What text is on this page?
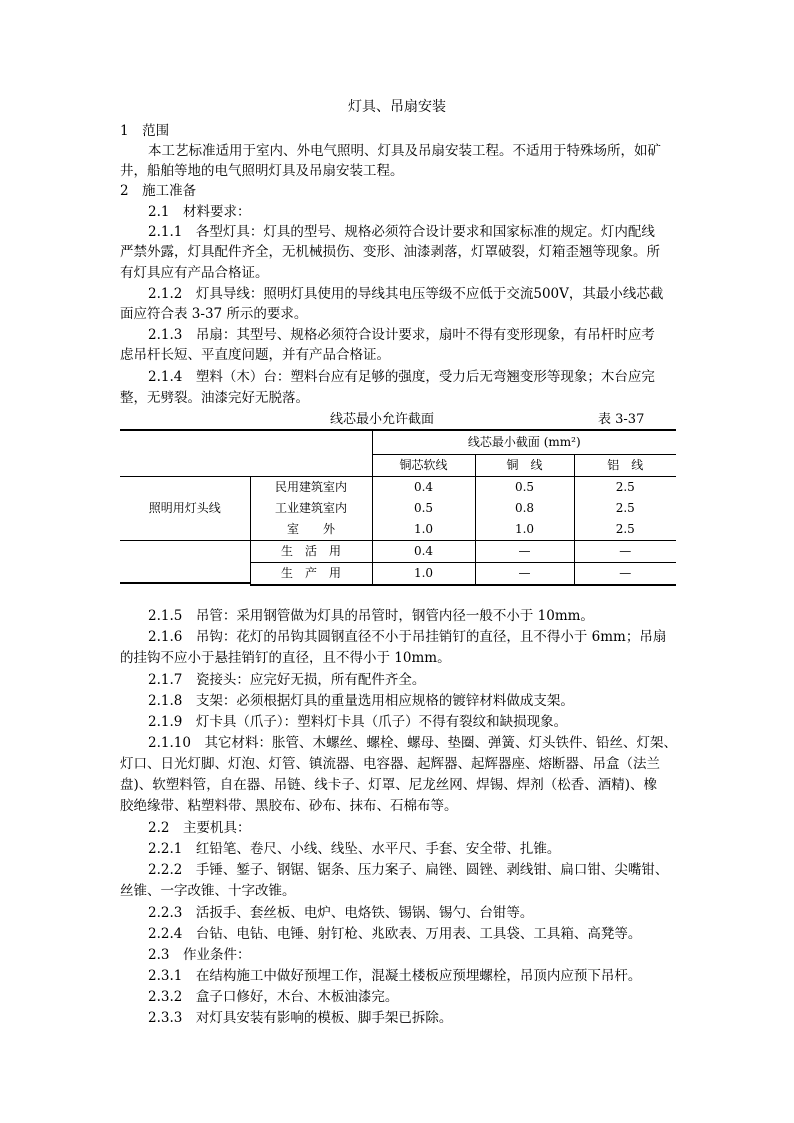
灯具、吊扇安装
1　范围
本工艺标准适用于室内、外电气照明、灯具及吊扇安装工程。不适用于特殊场所，如矿
井，船舶等地的电气照明灯具及吊扇安装工程。
2　施工准备
2.1　材料要求：
2.1.1　各型灯具：灯具的型号、规格必须符合设计要求和国家标准的规定。灯内配线
严禁外露，灯具配件齐全，无机械损伤、变形、油漆剥落，灯罩破裂，灯箱歪翘等现象。所
有灯具应有产品合格证。
2.1.2　灯具导线：照明灯具使用的导线其电压等级不应低于交流500V，其最小线芯截
面应符合表 3-37 所示的要求。
2.1.3　吊扇：其型号、规格必须符合设计要求，扇叶不得有变形现象，有吊杆时应考
虑吊杆长短、平直度问题，并有产品合格证。
2.1.4　塑料（木）台：塑料台应有足够的强度，受力后无弯翘变形等现象；木台应完
整，无劈裂。油漆完好无脱落。
2.1.5　吊管：采用钢管做为灯具的吊管时，钢管内径一般不小于 10mm。
2.1.6　吊钩：花灯的吊钩其圆钢直径不小于吊挂销钉的直径，且不得小于 6mm；吊扇
的挂钩不应小于悬挂销钉的直径，且不得小于 10mm。
2.1.7　瓷接头：应完好无损，所有配件齐全。
2.1.8　支架：必须根据灯具的重量选用相应规格的镀锌材料做成支架。
2.1.9　灯卡具（爪子）：塑料灯卡具（爪子）不得有裂纹和缺损现象。
2.1.10　其它材料：胀管、木螺丝、螺栓、螺母、垫圈、弹簧、灯头铁件、铅丝、灯架、
灯口、日光灯脚、灯泡、灯管、镇流器、电容器、起辉器、起辉器座、熔断器、吊盒（法兰
盘)、软塑料管，自在器、吊链、线卡子、灯罩、尼龙丝网、焊锡、焊剂（松香、酒精)、橡
胶绝缘带、粘塑料带、黑胶布、砂布、抹布、石棉布等。
2.2　主要机具：
2.2.1　红铅笔、卷尺、小线、线坠、水平尺、手套、安全带、扎锥。
2.2.2　手锤、錾子、钢锯、锯条、压力案子、扁锉、圆锉、剥线钳、扁口钳、尖嘴钳、
丝锥、一字改锥、十字改锥。
2.2.3　活扳手、套丝板、电炉、电烙铁、锡锅、锡勺、台钳等。
2.2.4　台钻、电钻、电锤、射钉枪、兆欧表、万用表、工具袋、工具箱、高凳等。
2.3　作业条件：
2.3.1　在结构施工中做好预埋工作，混凝土楼板应预埋螺栓，吊顶内应预下吊杆。
2.3.2　盒子口修好，木台、木板油漆完。
2.3.3　对灯具安装有影响的模板、脚手架已拆除。
线芯最小允许截面	表 3-37
		线芯最小截面 (mm²)		
		铜芯软线	铜　线	铝　线
照明用灯头线	民用建筑室内	0.4	0.5	2.5
	工业建筑室内	0.5	0.8	2.5
	室　　外	1.0	1.0	2.5
	生　活　用	0.4	—	—
	生　产　用	1.0	—	—
